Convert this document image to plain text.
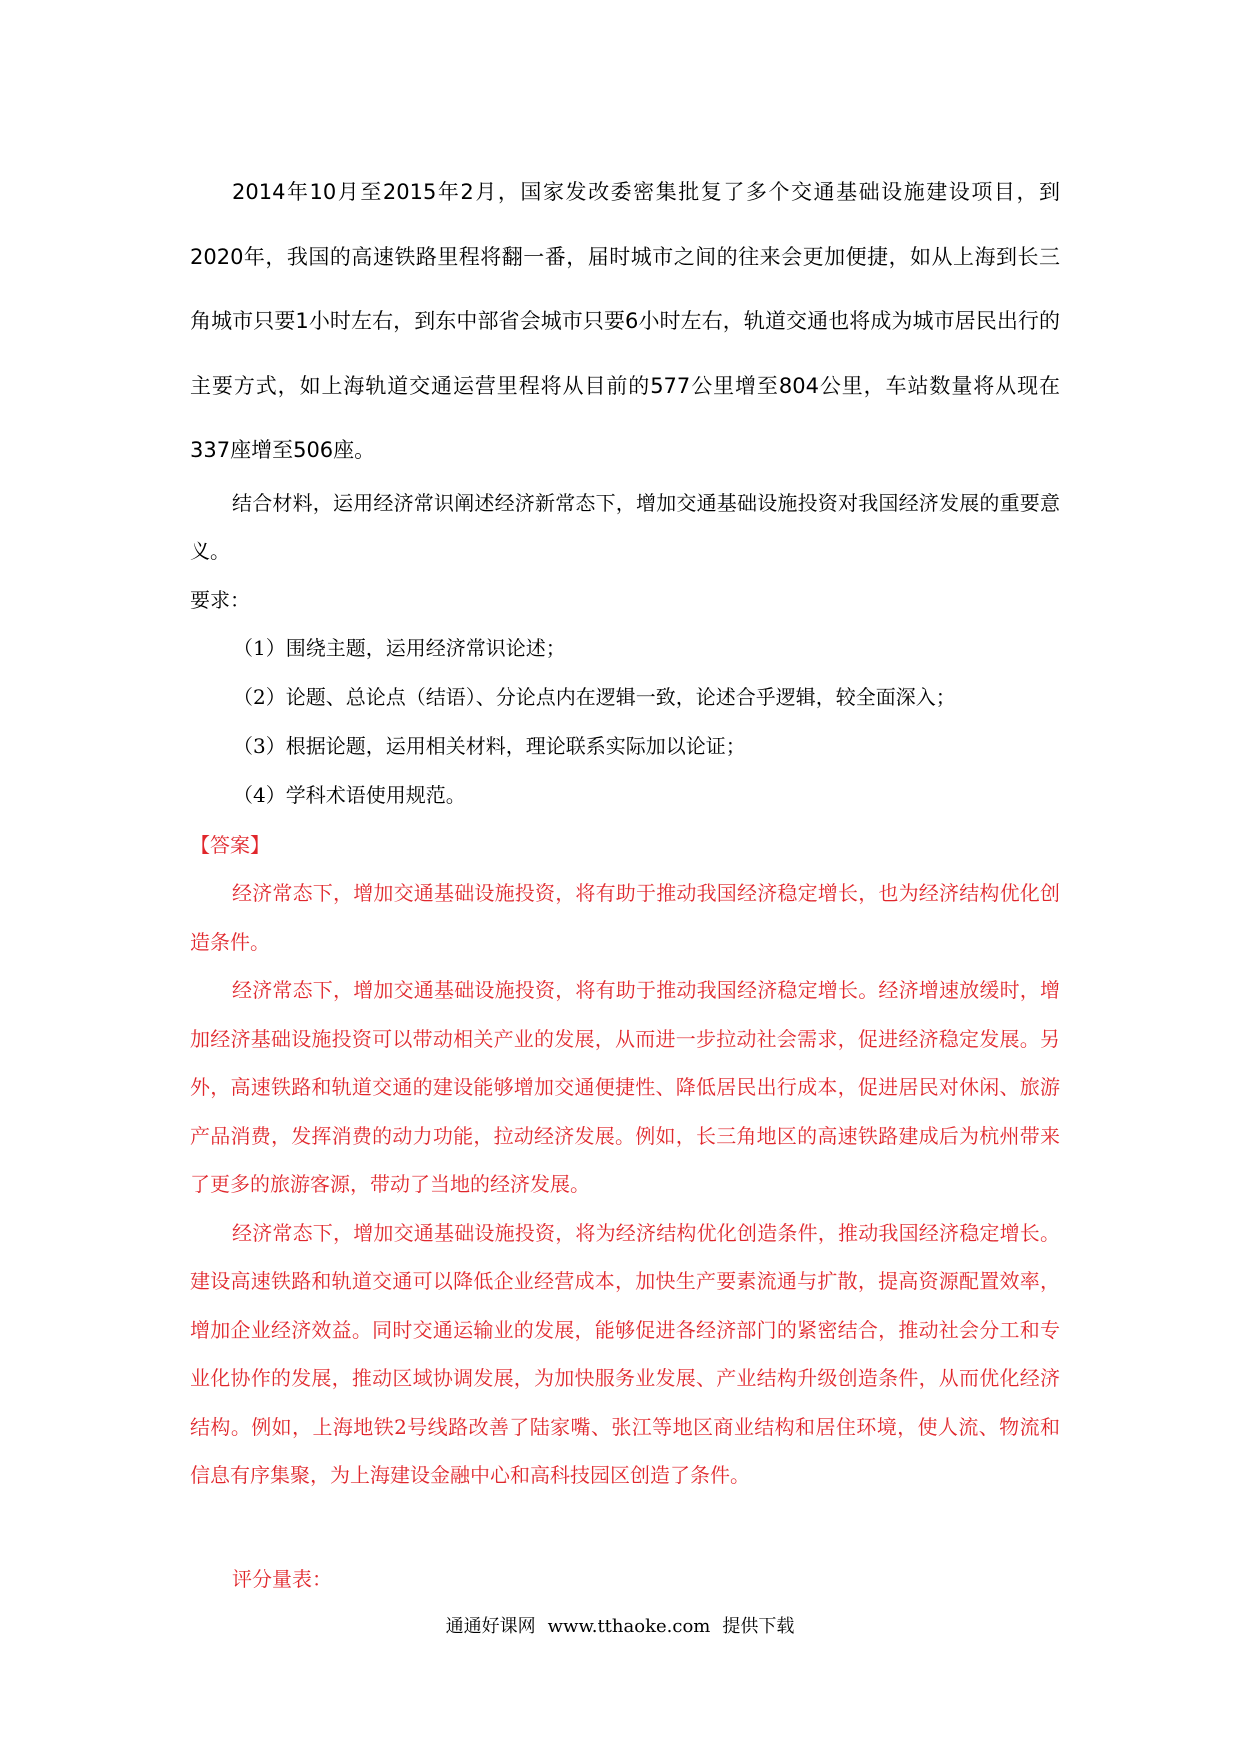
2014年10月至2015年2月，国家发改委密集批复了多个交通基础设施建设项目，到2020年，我国的高速铁路里程将翻一番，届时城市之间的往来会更加便捷，如从上海到长三角城市只要1小时左右，到东中部省会城市只要6小时左右，轨道交通也将成为城市居民出行的主要方式，如上海轨道交通运营里程将从目前的577公里增至804公里，车站数量将从现在337座增至506座。

结合材料，运用经济常识阐述经济新常态下，增加交通基础设施投资对我国经济发展的重要意义。

要求：

（1）围绕主题，运用经济常识论述；
（2）论题、总论点（结语）、分论点内在逻辑一致，论述合乎逻辑，较全面深入；
（3）根据论题，运用相关材料，理论联系实际加以论证；
（4）学科术语使用规范。

【答案】

经济常态下，增加交通基础设施投资，将有助于推动我国经济稳定增长，也为经济结构优化创造条件。

经济常态下，增加交通基础设施投资，将有助于推动我国经济稳定增长。经济增速放缓时，增加经济基础设施投资可以带动相关产业的发展，从而进一步拉动社会需求，促进经济稳定发展。另外，高速铁路和轨道交通的建设能够增加交通便捷性、降低居民出行成本，促进居民对休闲、旅游产品消费，发挥消费的动力功能，拉动经济发展。例如，长三角地区的高速铁路建成后为杭州带来了更多的旅游客源，带动了当地的经济发展。

经济常态下，增加交通基础设施投资，将为经济结构优化创造条件，推动我国经济稳定增长。 建设高速铁路和轨道交通可以降低企业经营成本，加快生产要素流通与扩散，提高资源配置效率，增加企业经济效益。同时交通运输业的发展，能够促进各经济部门的紧密结合，推动社会分工和专业化协作的发展，推动区域协调发展，为加快服务业发展、产业结构升级创造条件，从而优化经济结构。例如，上海地铁2号线路改善了陆家嘴、张江等地区商业结构和居住环境，使人流、物流和信息有序集聚，为上海建设金融中心和高科技园区创造了条件。

评分量表：

通通好课网 www.tthaoke.com 提供下载
